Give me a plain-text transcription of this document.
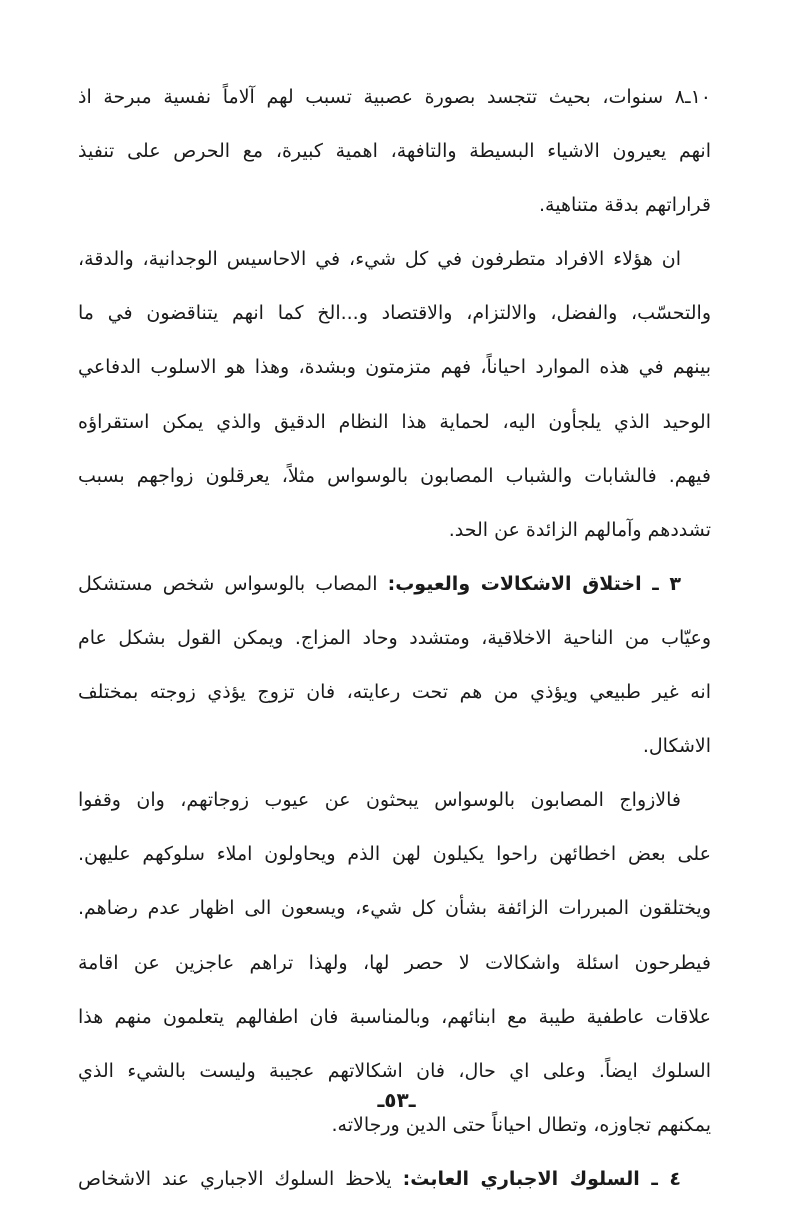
١٠ـ٨ سنوات، بحيث تتجسد بصورة عصبية تسبب لهم آلاماً نفسية مبرحة اذ
انهم يعيرون الاشياء البسيطة والتافهة، اهمية كبيرة، مع الحرص على تنفيذ
قراراتهم بدقة متناهية.
ان هؤلاء الافراد متطرفون في كل شيء، في الاحاسيس الوجدانية، والدقة،
والتحسّب، والفضل، والالتزام، والاقتصاد و...الخ كما انهم يتناقضون في ما
بينهم في هذه الموارد احياناً، فهم متزمتون وبشدة، وهذا هو الاسلوب الدفاعي
الوحيد الذي يلجأون اليه، لحماية هذا النظام الدقيق والذي يمكن استقراؤه
فيهم. فالشابات والشباب المصابون بالوسواس مثلاً، يعرقلون زواجهم بسبب
تشددهم وآمالهم الزائدة عن الحد.
٣ ـ اختلاق الاشكالات والعيوب: المصاب بالوسواس شخص مستشكل
وعيّاب من الناحية الاخلاقية، ومتشدد وحاد المزاج. ويمكن القول بشكل عام
انه غير طبيعي ويؤذي من هم تحت رعايته، فان تزوج يؤذي زوجته بمختلف
الاشكال.
فالازواج المصابون بالوسواس يبحثون عن عيوب زوجاتهم، وان وقفوا
على بعض اخطائهن راحوا يكيلون لهن الذم ويحاولون املاء سلوكهم عليهن.
ويختلقون المبررات الزائفة بشأن كل شيء، ويسعون الى اظهار عدم رضاهم.
فيطرحون اسئلة واشكالات لا حصر لها، ولهذا تراهم عاجزين عن اقامة
علاقات عاطفية طيبة مع ابنائهم، وبالمناسبة فان اطفالهم يتعلمون منهم هذا
السلوك ايضاً. وعلى اي حال، فان اشكالاتهم عجيبة وليست بالشيء الذي
يمكنهم تجاوزه، وتطال احياناً حتى الدين ورجالاته.
٤ ـ السلوك الاجباري العابث: يلاحظ السلوك الاجباري عند الاشخاص
ـ٥٣ـ
